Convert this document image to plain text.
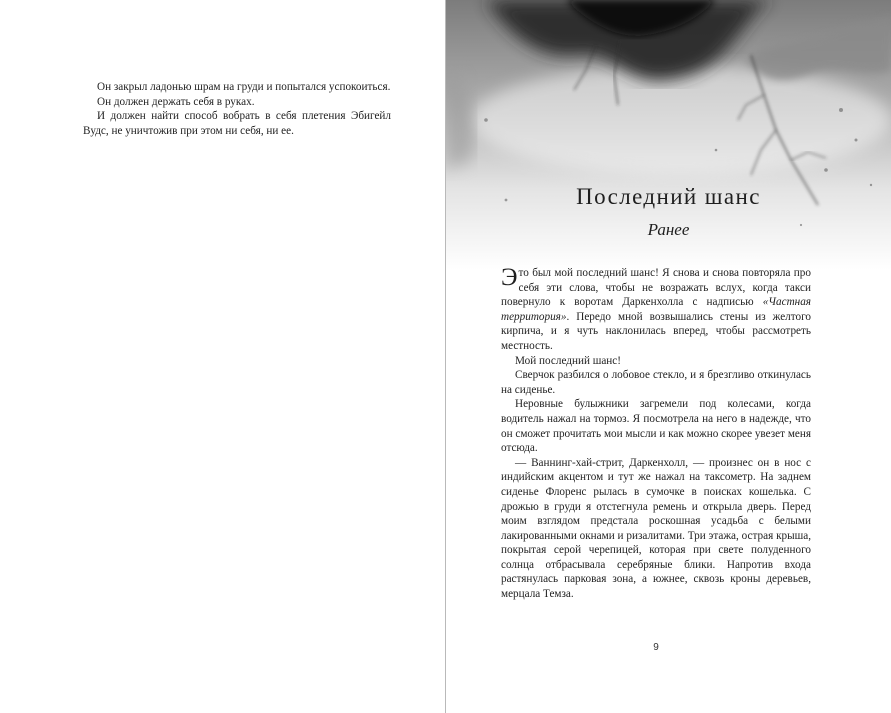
Он закрыл ладонью шрам на груди и попытался успокоиться.

Он должен держать себя в руках.

И должен найти способ вобрать в себя плетения Эбигейл Вудс, не уничтожив при этом ни себя, ни ее.

Последний шанс
Ранее

Это был мой последний шанс! Я снова и снова повторяла про себя эти слова, чтобы не возражать вслух, когда такси повернуло к воротам Даркенхолла с надписью «Частная территория». Передо мной возвышались стены из желтого кирпича, и я чуть наклонилась вперед, чтобы рассмотреть местность.

Мой последний шанс!

Сверчок разбился о лобовое стекло, и я брезгливо откинулась на сиденье.

Неровные булыжники загремели под колесами, когда водитель нажал на тормоз. Я посмотрела на него в надежде, что он сможет прочитать мои мысли и как можно скорее увезет меня отсюда.

— Ваннинг-хай-стрит, Даркенхолл, — произнес он в нос с индийским акцентом и тут же нажал на таксометр. На заднем сиденье Флоренс рылась в сумочке в поисках кошелька. С дрожью в груди я отстегнула ремень и открыла дверь. Перед моим взглядом предстала роскошная усадьба с белыми лакированными окнами и ризалитами. Три этажа, острая крыша, покрытая серой черепицей, которая при свете полуденного солнца отбрасывала серебряные блики. Напротив входа растянулась парковая зона, а южнее, сквозь кроны деревьев, мерцала Темза.

9
